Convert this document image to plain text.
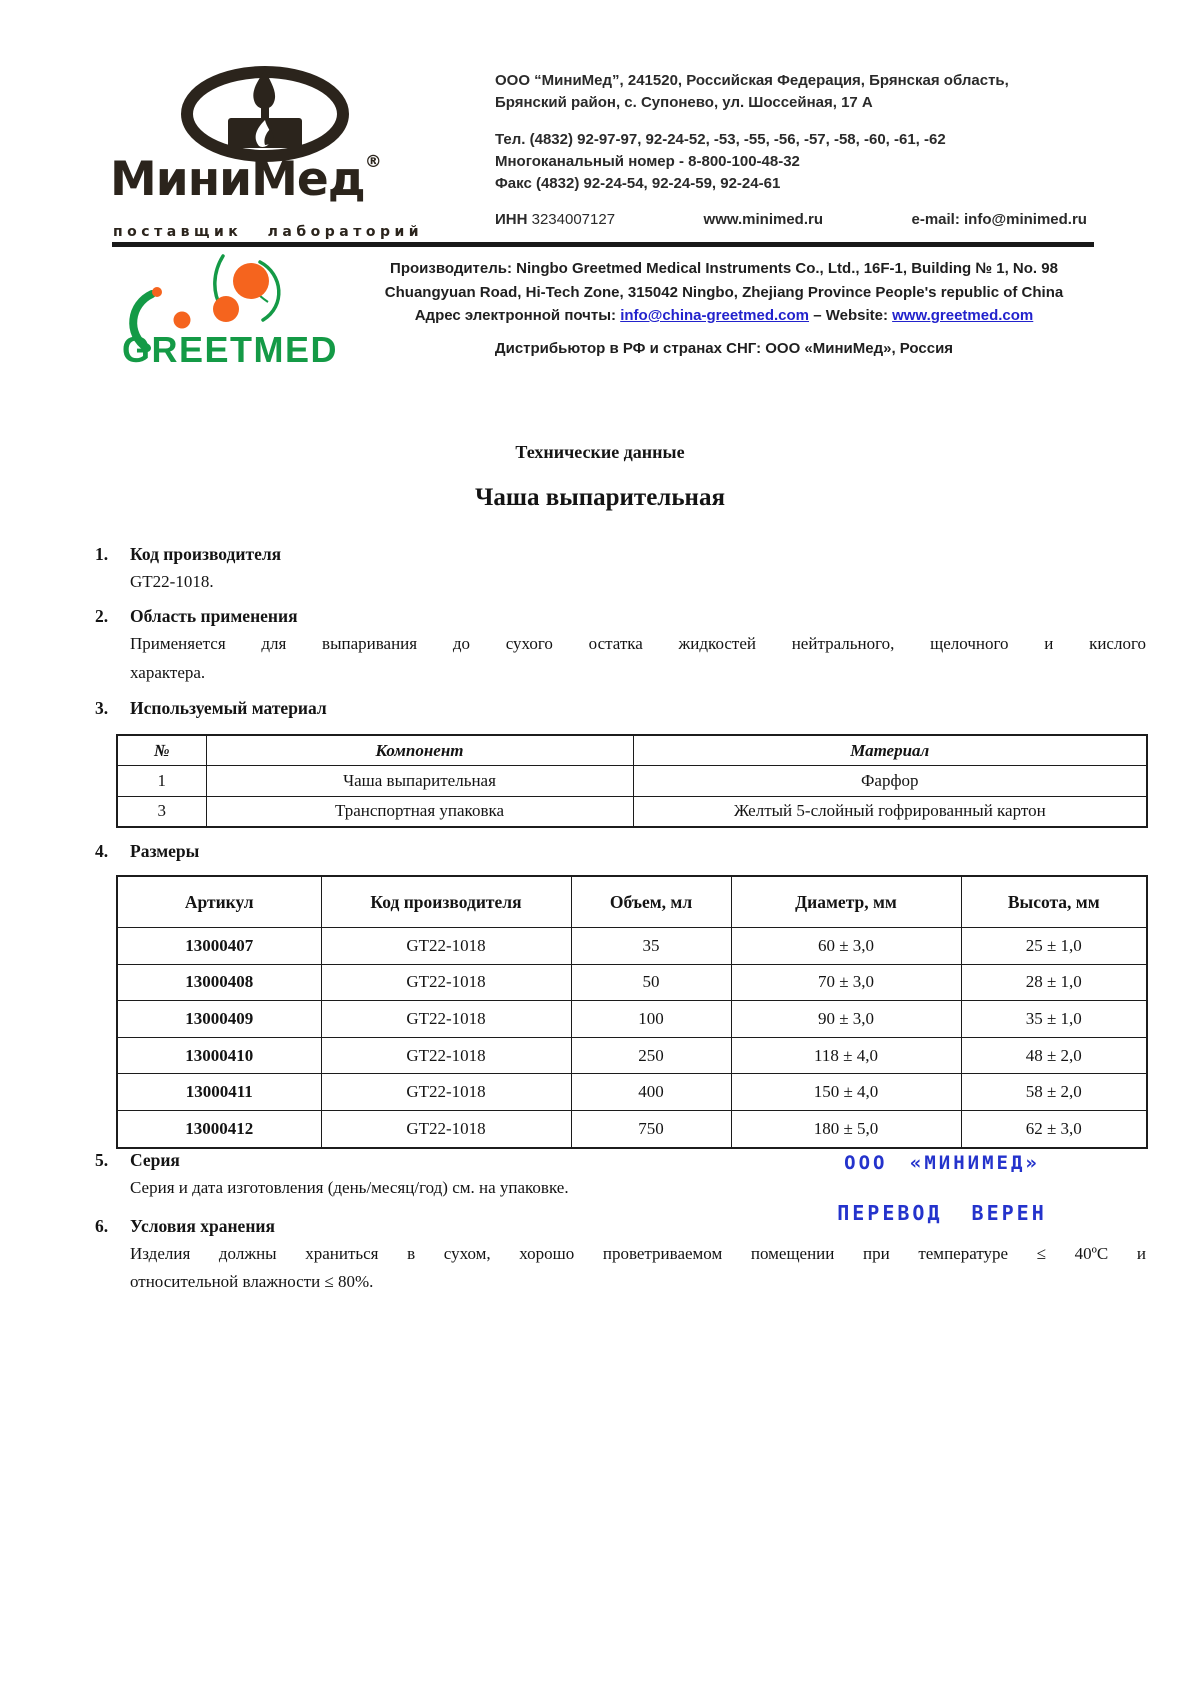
МиниМед®
поставщик лабораторий
ООО “МиниМед”, 241520, Российская Федерация, Брянская область,
Брянский район, с. Супонево, ул. Шоссейная, 17 А
Тел. (4832) 92-97-97, 92-24-52, -53, -55, -56, -57, -58, -60, -61, -62
Многоканальный номер - 8-800-100-48-32
Факс (4832) 92-24-54, 92-24-59, 92-24-61
ИНН 3234007127	www.minimed.ru	e-mail: info@minimed.ru
GREETMED
Производитель: Ningbo Greetmed Medical Instruments Co., Ltd., 16F-1, Building № 1, No. 98
Chuangyuan Road, Hi-Tech Zone, 315042 Ningbo, Zhejiang Province People's republic of China
Адрес электронной почты: info@china-greetmed.com – Website: www.greetmed.com
Дистрибьютор в РФ и странах СНГ: ООО «МиниМед», Россия
Технические данные
Чаша выпарительная
1. Код производителя
GT22-1018.
2. Область применения
Применяется для выпаривания до сухого остатка жидкостей нейтрального, щелочного и кислого
характера.
3. Используемый материал
№	Компонент	Материал
1	Чаша выпарительная	Фарфор
3	Транспортная упаковка	Желтый 5-слойный гофрированный картон
4. Размеры
Артикул	Код производителя	Объем, мл	Диаметр, мм	Высота, мм
13000407	GT22-1018	35	60 ± 3,0	25 ± 1,0
13000408	GT22-1018	50	70 ± 3,0	28 ± 1,0
13000409	GT22-1018	100	90 ± 3,0	35 ± 1,0
13000410	GT22-1018	250	118 ± 4,0	48 ± 2,0
13000411	GT22-1018	400	150 ± 4,0	58 ± 2,0
13000412	GT22-1018	750	180 ± 5,0	62 ± 3,0
5. Серия
Серия и дата изготовления (день/месяц/год) см. на упаковке.
ООО «МИНИМЕД»
ПЕРЕВОД ВЕРЕН
6. Условия хранения
Изделия должны храниться в сухом, хорошо проветриваемом помещении при температуре ≤ 40ºС и
относительной влажности ≤ 80%.
